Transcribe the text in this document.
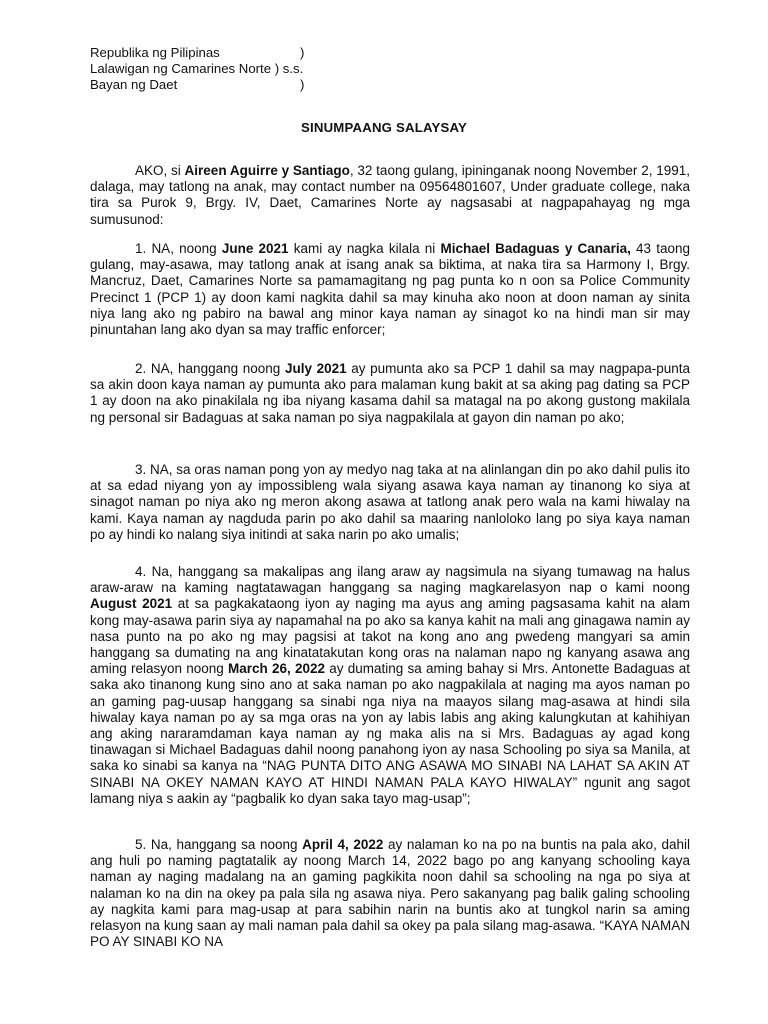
Republika ng Pilipinas	)
Lalawigan ng Camarines Norte ) s.s.
Bayan ng Daet	)
SINUMPAANG SALAYSAY

AKO, si Aireen Aguirre y Santiago, 32 taong gulang, ipininganak noong November 2, 1991, dalaga, may tatlong na anak, may contact number na 09564801607, Under graduate college, naka tira sa Purok 9, Brgy. IV, Daet, Camarines Norte ay nagsasabi at nagpapahayag ng mga sumusunod:

1. NA, noong June 2021 kami ay nagka kilala ni Michael Badaguas y Canaria, 43 taong gulang, may-asawa, may tatlong anak at isang anak sa biktima, at naka tira sa Harmony I, Brgy. Mancruz, Daet, Camarines Norte sa pamamagitang ng pag punta ko n oon sa Police Community Precinct 1 (PCP 1) ay doon kami nagkita dahil sa may kinuha ako noon at doon naman ay sinita niya lang ako ng pabiro na bawal ang minor kaya naman ay sinagot ko na hindi man sir may pinuntahan lang ako dyan sa may traffic enforcer;

2. NA, hanggang noong July 2021 ay pumunta ako sa PCP 1 dahil sa may nagpapa-punta sa akin doon kaya naman ay pumunta ako para malaman kung bakit at sa aking pag dating sa PCP 1 ay doon na ako pinakilala ng iba niyang kasama dahil sa matagal na po akong gustong makilala ng personal sir Badaguas at saka naman po siya nagpakilala at gayon din naman po ako;

3. NA, sa oras naman pong yon ay medyo nag taka at na alinlangan din po ako dahil pulis ito at sa edad niyang yon ay impossibleng wala siyang asawa kaya naman ay tinanong ko siya at sinagot naman po niya ako ng meron akong asawa at tatlong anak pero wala na kami hiwalay na kami. Kaya naman ay nagduda parin po ako dahil sa maaring nanloloko lang po siya kaya naman po ay hindi ko nalang siya initindi at saka narin po ako umalis;

4. Na, hanggang sa makalipas ang ilang araw ay nagsimula na siyang tumawag na halus araw-araw na kaming nagtatawagan hanggang sa naging magkarelasyon nap o kami noong August 2021 at sa pagkakataong iyon ay naging ma ayus ang aming pagsasama kahit na alam kong may-asawa parin siya ay napamahal na po ako sa kanya kahit na mali ang ginagawa namin ay nasa punto na po ako ng may pagsisi at takot na kong ano ang pwedeng mangyari sa amin hanggang sa dumating na ang kinatatakutan kong oras na nalaman napo ng kanyang asawa ang aming relasyon noong March 26, 2022 ay dumating sa aming bahay si Mrs. Antonette Badaguas at saka ako tinanong kung sino ano at saka naman po ako nagpakilala at naging ma ayos naman po an gaming pag-uusap hanggang sa sinabi nga niya na maayos silang mag-asawa at hindi sila hiwalay kaya naman po ay sa mga oras na yon ay labis labis ang aking kalungkutan at kahihiyan ang aking nararamdaman kaya naman ay ng maka alis na si Mrs. Badaguas ay agad kong tinawagan si Michael Badaguas dahil noong panahong iyon ay nasa Schooling po siya sa Manila, at saka ko sinabi sa kanya na “NAG PUNTA DITO ANG ASAWA MO SINABI NA LAHAT SA AKIN AT SINABI NA OKEY NAMAN KAYO AT HINDI NAMAN PALA KAYO HIWALAY” ngunit ang sagot lamang niya s aakin ay “pagbalik ko dyan saka tayo mag-usap”;

5. Na, hanggang sa noong April 4, 2022 ay nalaman ko na po na buntis na pala ako, dahil ang huli po naming pagtatalik ay noong March 14, 2022 bago po ang kanyang schooling kaya naman ay naging madalang na an gaming pagkikita noon dahil sa schooling na nga po siya at nalaman ko na din na okey pa pala sila ng asawa niya. Pero sakanyang pag balik galing schooling ay nagkita kami para mag-usap at para sabihin narin na buntis ako at tungkol narin sa aming relasyon na kung saan ay mali naman pala dahil sa okey pa pala silang mag-asawa. “KAYA NAMAN PO AY SINABI KO NA
